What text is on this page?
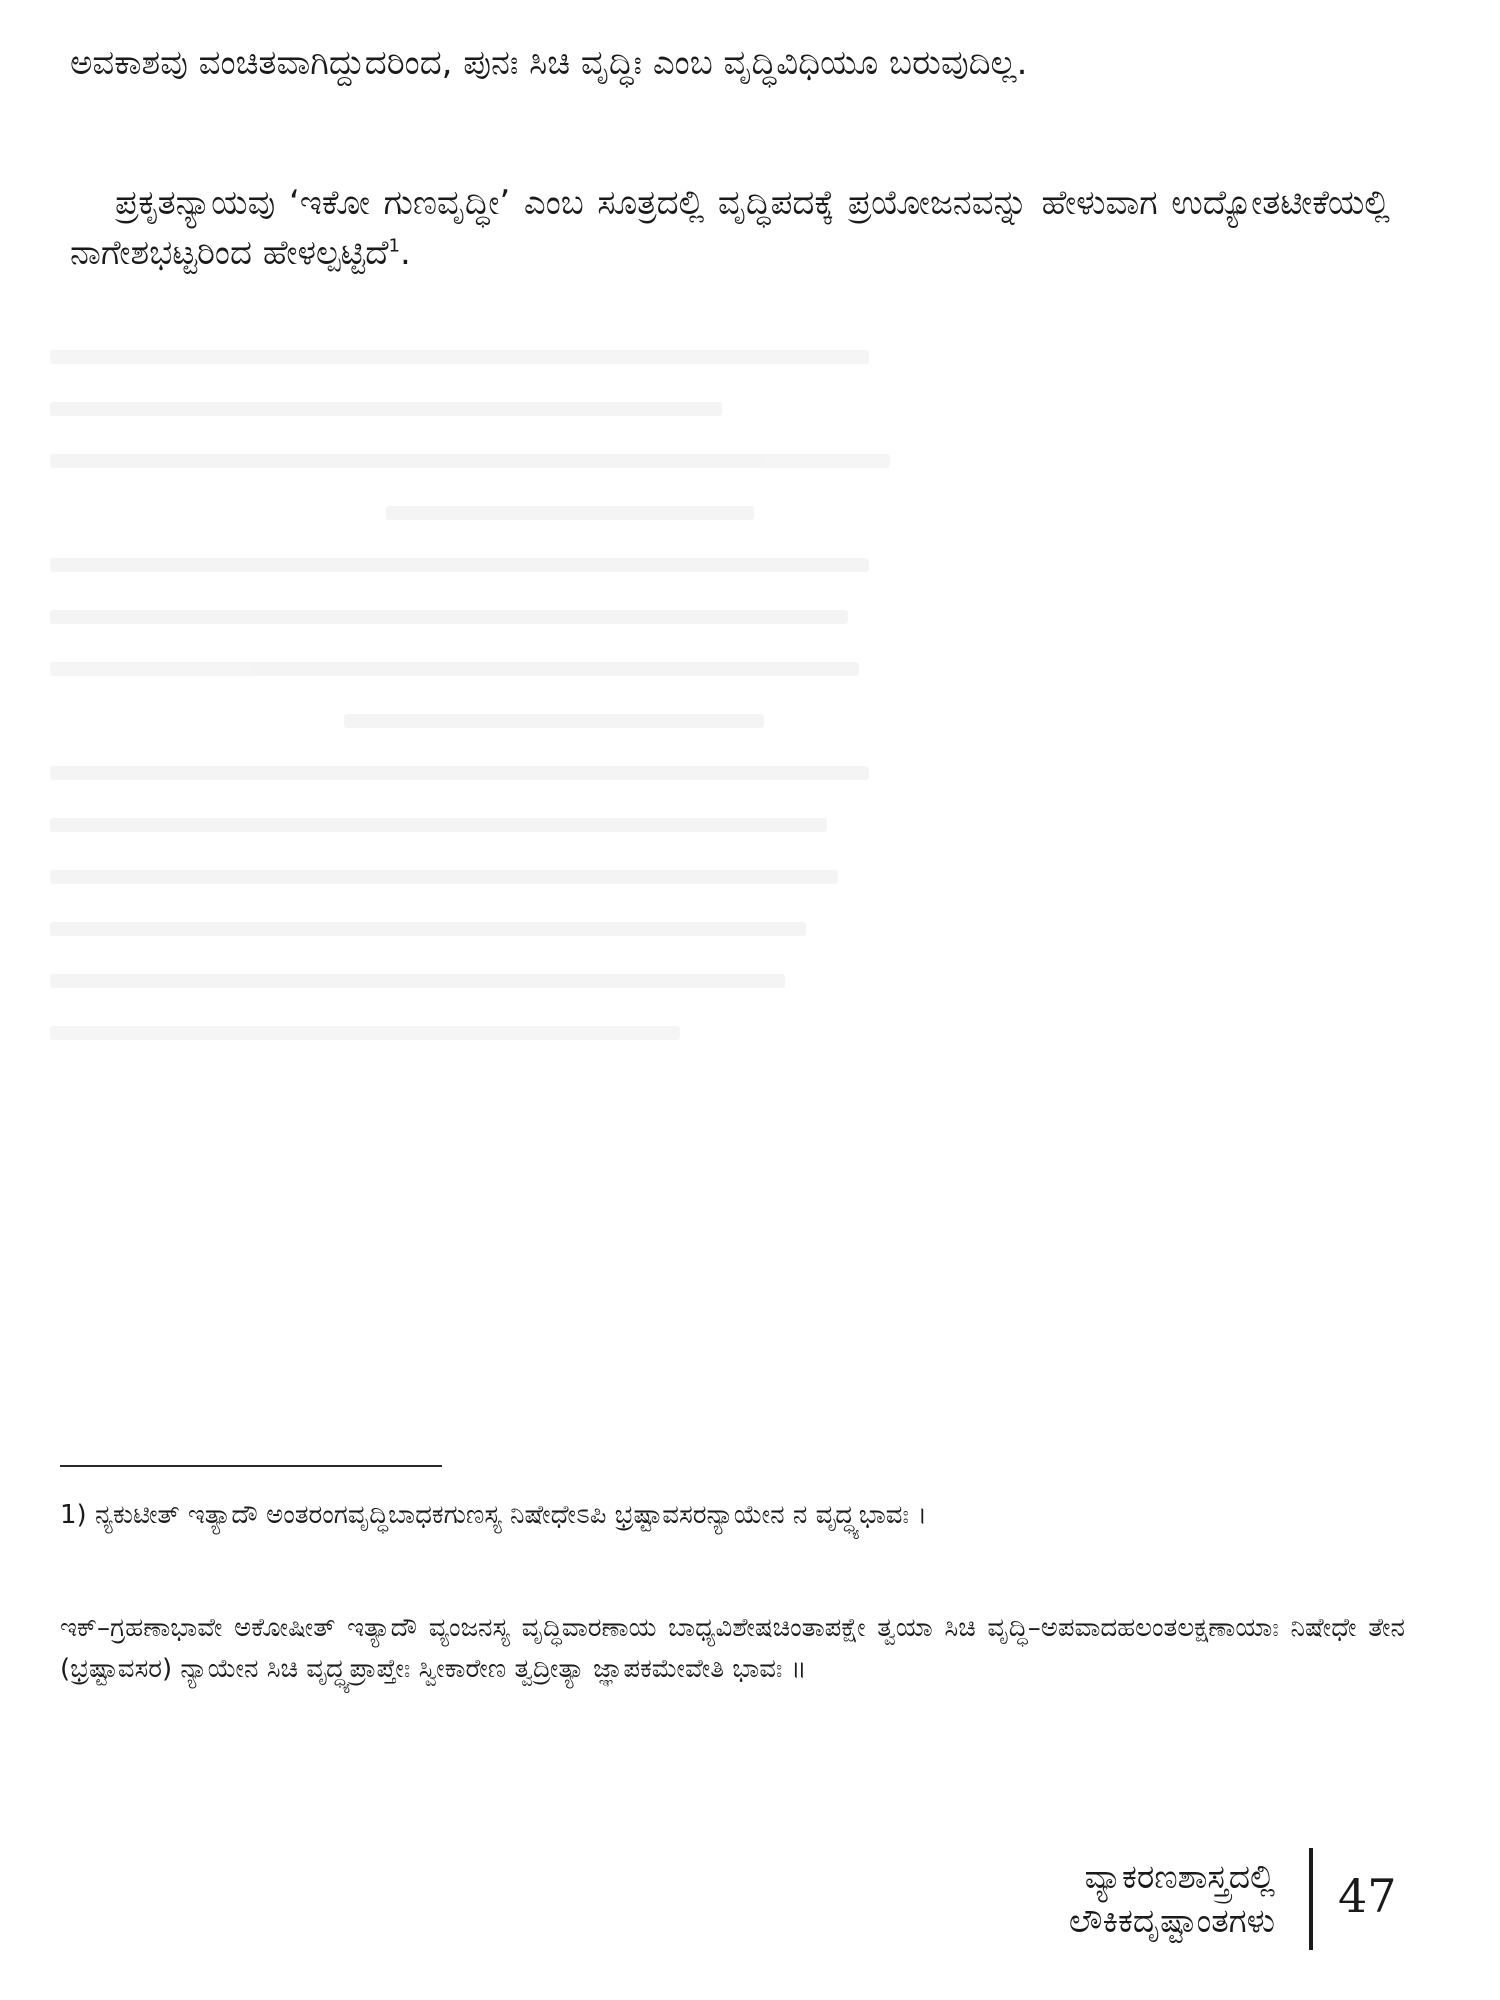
ಅವಕಾಶವು ವಂಚಿತವಾಗಿದ್ದುದರಿಂದ, ಪುನಃ ಸಿಚಿ ವೃದ್ಧಿಃ ಎಂಬ ವೃದ್ಧಿವಿಧಿಯೂ ಬರುವುದಿಲ್ಲ.

ಪ್ರಕೃತನ್ಯಾಯವು ‘ಇಕೋ ಗುಣವೃದ್ಧೀ’ ಎಂಬ ಸೂತ್ರದಲ್ಲಿ ವೃದ್ಧಿಪದಕ್ಕೆ ಪ್ರಯೋಜನವನ್ನು ಹೇಳುವಾಗ ಉದ್ಯೋತಟೀಕೆಯಲ್ಲಿ ನಾಗೇಶಭಟ್ಟರಿಂದ ಹೇಳಲ್ಪಟ್ಟಿದೆ$^1$.

1) ನ್ಯಕುಟೀತ್ ಇತ್ಯಾದೌ ಅಂತರಂಗವೃದ್ಧಿಬಾಧಕಗುಣಸ್ಯ ನಿಷೇಧೇಽಪಿ ಭ್ರಷ್ಟಾವಸರನ್ಯಾಯೇನ ನ ವೃದ್ಧ್ಯಭಾವಃ ।

ಇಕ್–ಗ್ರಹಣಾಭಾವೇ ಅಕೋಷೀತ್ ಇತ್ಯಾದೌ ವ್ಯಂಜನಸ್ಯ ವೃದ್ಧಿವಾರಣಾಯ ಬಾಧ್ಯವಿಶೇಷಚಿಂತಾಪಕ್ಷೇ ತ್ವಯಾ ಸಿಚಿ ವೃದ್ಧಿ–ಅಪವಾದಹಲಂತಲಕ್ಷಣಾಯಾಃ ನಿಷೇಧೇ ತೇನ (ಭ್ರಷ್ಟಾವಸರ) ನ್ಯಾಯೇನ ಸಿಚಿ ವೃದ್ಧ್ಯಪ್ರಾಪ್ತೇಃ ಸ್ವೀಕಾರೇಣ ತ್ವದ್ರೀತ್ಯಾ ಜ್ಞಾಪಕಮೇವೇತಿ ಭಾವಃ ॥

ವ್ಯಾಕರಣಶಾಸ್ತ್ರದಲ್ಲಿ
ಲೌಕಿಕದೃಷ್ಟಾಂತಗಳು 47
